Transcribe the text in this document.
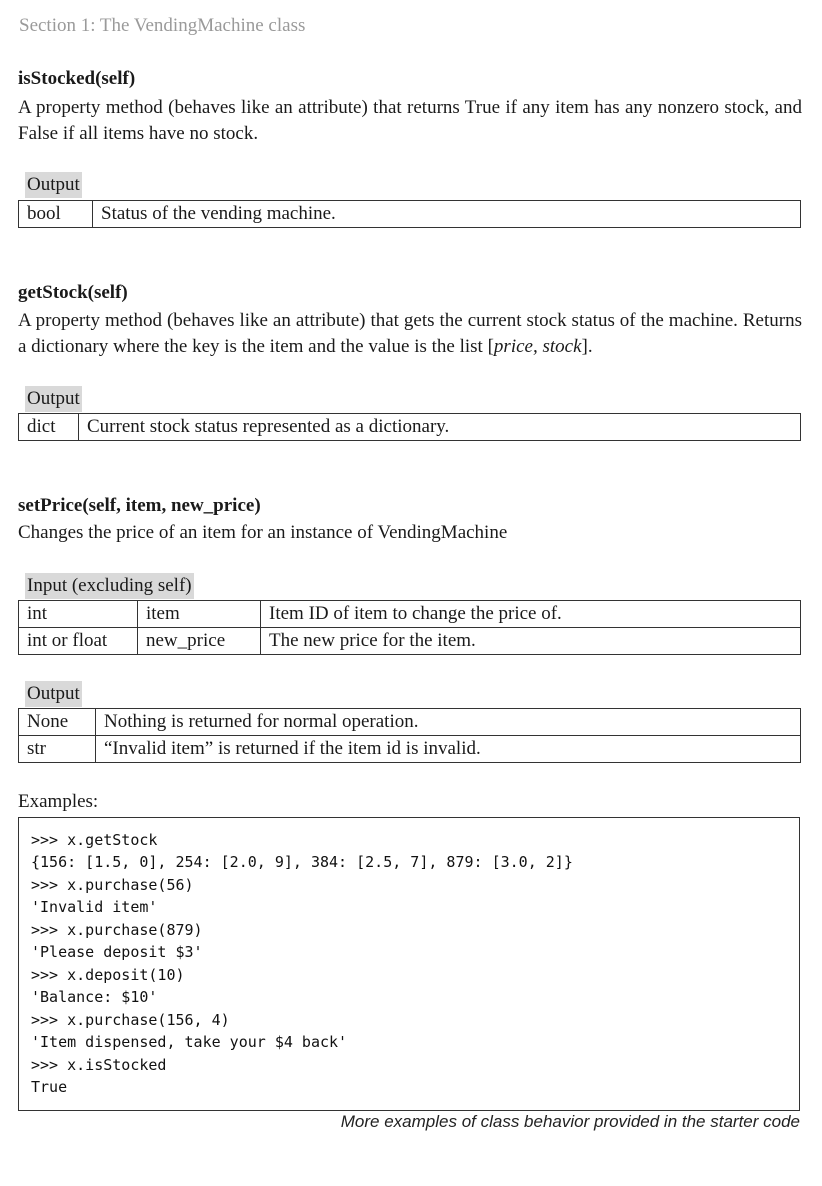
Section 1: The VendingMachine class
isStocked(self)
A property method (behaves like an attribute) that returns True if any item has any nonzero stock, and False if all items have no stock.
Output
bool	Status of the vending machine.
getStock(self)
A property method (behaves like an attribute) that gets the current stock status of the machine. Returns a dictionary where the key is the item and the value is the list [price, stock].
Output
dict	Current stock status represented as a dictionary.
setPrice(self, item, new_price)
Changes the price of an item for an instance of VendingMachine
Input (excluding self)
int	item	Item ID of item to change the price of.
int or float	new_price	The new price for the item.
Output
None	Nothing is returned for normal operation.
str	“Invalid item” is returned if the item id is invalid.
Examples:
>>> x.getStock
{156: [1.5, 0], 254: [2.0, 9], 384: [2.5, 7], 879: [3.0, 2]}
>>> x.purchase(56)
'Invalid item'
>>> x.purchase(879)
'Please deposit $3'
>>> x.deposit(10)
'Balance: $10'
>>> x.purchase(156, 4)
'Item dispensed, take your $4 back'
>>> x.isStocked
True
More examples of class behavior provided in the starter code
